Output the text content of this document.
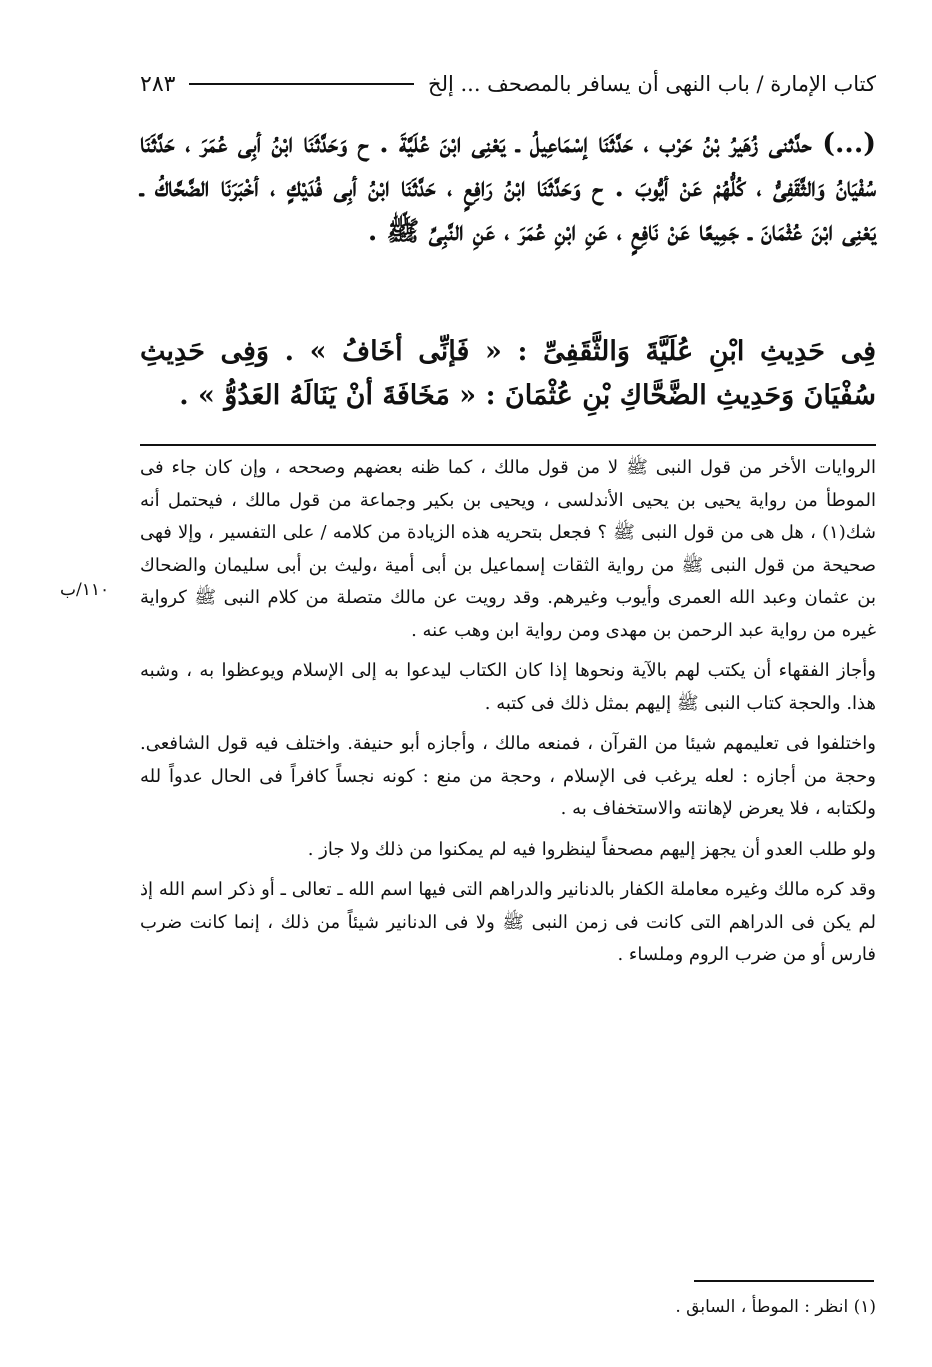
كتاب الإمارة / باب النهى أن يسافر بالمصحف ... إلخ
٢٨٣
(...) حدَّثنى زُهَيرُ بْنُ حَرْب ، حَدَّثَنَا إسْمَاعِيلُ ـ يَعْنِى ابْنَ عُلَيَّةَ . ح وَحَدَّثَنَا ابْنُ أبِى عُمَرَ ، حَدَّثَنَا سُفْيَانُ وَالثَّقَفِىُّ ، كُلُّهُمْ عَنْ أيُّوبَ . ح وَحَدَّثَنَا ابْنُ رَافِعٍ ، حَدَّثَنَا ابْنُ أبِى فُدَيْكٍ ، أخْبَرَنَا الضَّحَّاكُ ـ يَعْنِى ابْنَ عُثْمَانَ ـ جَمِيعًا عَنْ نَافِعٍ ، عَنِ ابْنِ عُمَرَ ، عَنِ النَّبِىِّ ﷺ .
فِى حَدِيثِ ابْنِ عُلَيَّةَ وَالثَّقَفِىِّ : « فَإنِّى أخَافُ » . وَفِى حَدِيثِ سُفْيَانَ وَحَدِيثِ الضَّحَّاكِ بْنِ عُثْمَانَ : « مَخَافَةَ أنْ يَنَالَهُ العَدُوُّ » .

الروايات الأخر من قول النبى ﷺ لا من قول مالك ، كما ظنه بعضهم وصححه ، وإن كان جاء فى الموطأ من رواية يحيى بن يحيى الأندلسى ، ويحيى بن بكير وجماعة من قول مالك ، فيحتمل أنه شك(١) ، هل هى من قول النبى ﷺ ؟ فجعل بتحريه هذه الزيادة من كلامه / على التفسير ، وإلا فهى صحيحة من قول النبى ﷺ من رواية الثقات إسماعيل بن أبى أمية ،وليث بن أبى سليمان والضحاك بن عثمان وعبد الله العمرى وأيوب وغيرهم. وقد رويت عن مالك متصلة من كلام النبى ﷺ كرواية غيره من رواية عبد الرحمن بن مهدى ومن رواية ابن وهب عنه .

وأجاز الفقهاء أن يكتب لهم بالآية ونحوها إذا كان الكتاب ليدعوا به إلى الإسلام ويوعظوا به ، وشبه هذا. والحجة كتاب النبى ﷺ إليهم بمثل ذلك فى كتبه .

واختلفوا فى تعليمهم شيئا من القرآن ، فمنعه مالك ، وأجازه أبو حنيفة. واختلف فيه قول الشافعى. وحجة من أجازه : لعله يرغب فى الإسلام ، وحجة من منع : كونه نجساً كافراً فى الحال عدواً لله ولكتابه ، فلا يعرض لإهانته والاستخفاف به .

ولو طلب العدو أن يجهز إليهم مصحفاً لينظروا فيه لم يمكنوا من ذلك ولا جاز .

وقد كره مالك وغيره معاملة الكفار بالدنانير والدراهم التى فيها اسم الله ـ تعالى ـ أو ذكر اسم الله إذ لم يكن فى الدراهم التى كانت فى زمن النبى ﷺ ولا فى الدنانير شيئاً من ذلك ، إنما كانت ضرب فارس أو من ضرب الروم وملساء .

١١٠/ب
(١) انظر : الموطأ ، السابق .
